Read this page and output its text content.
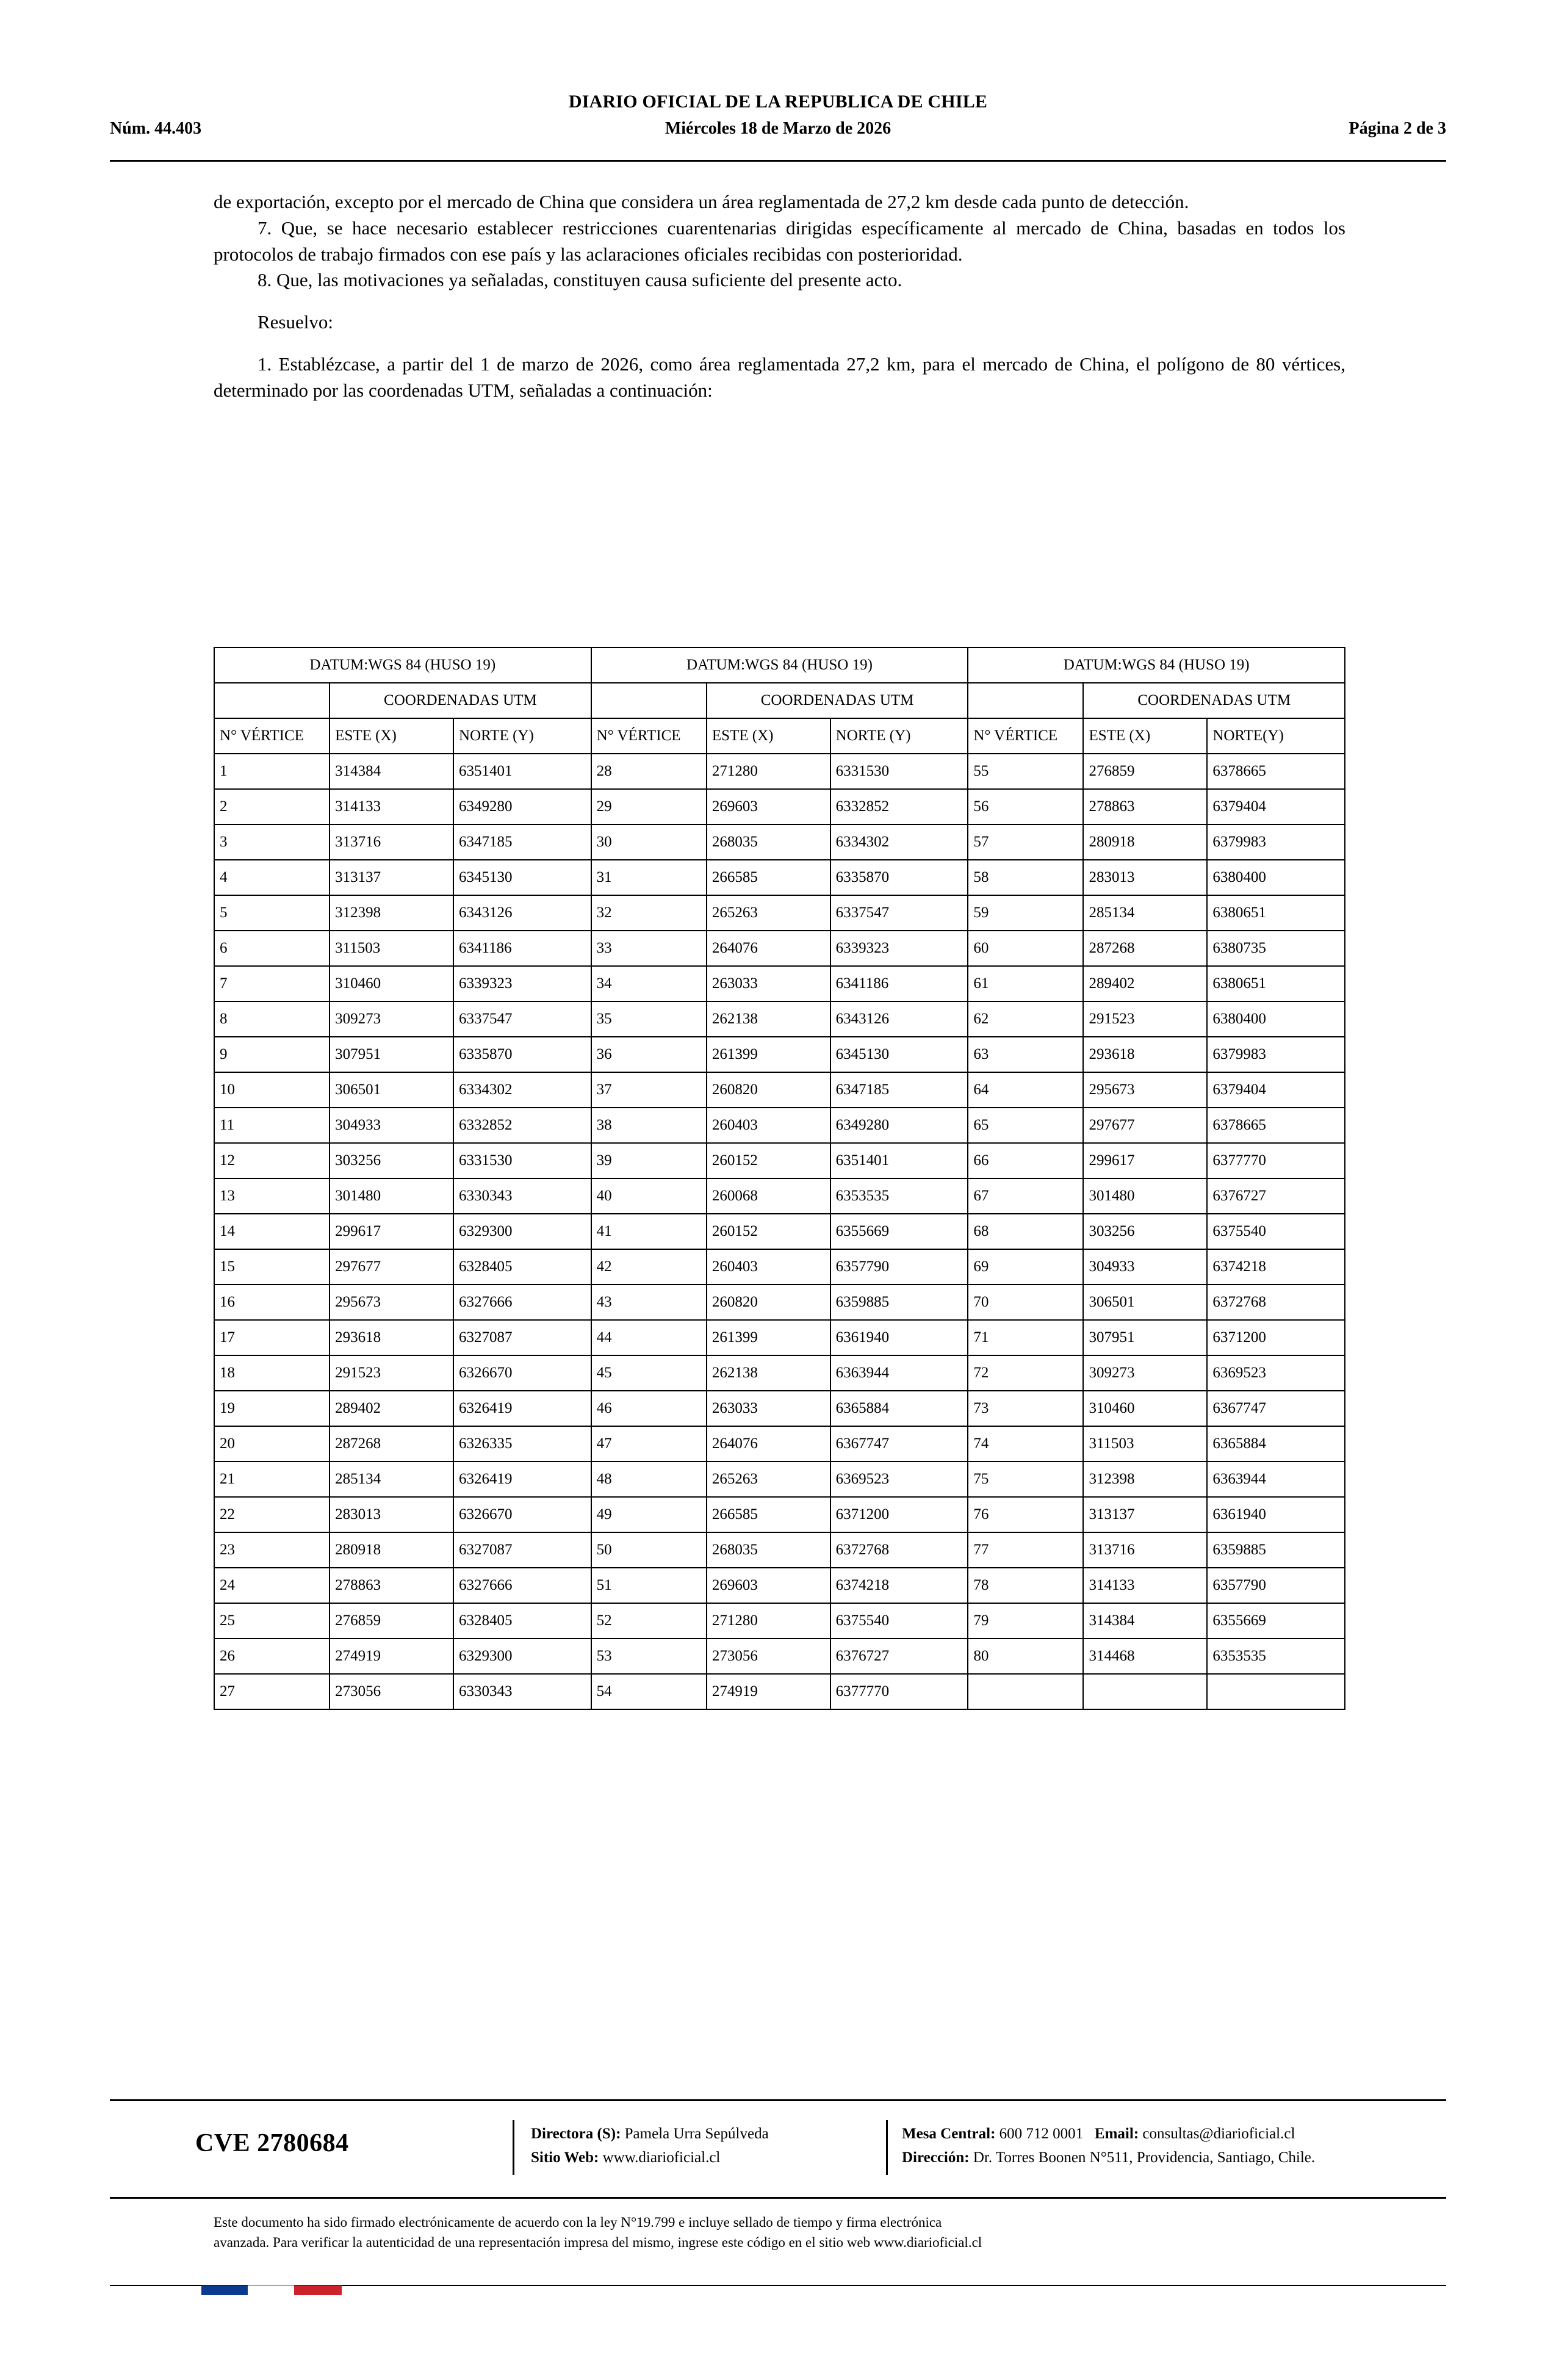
DIARIO OFICIAL DE LA REPUBLICA DE CHILE
Núm. 44.403	Miércoles 18 de Marzo de 2026	Página 2 de 3

de exportación, excepto por el mercado de China que considera un área reglamentada de 27,2 km desde cada punto de detección.

7. Que, se hace necesario establecer restricciones cuarentenarias dirigidas específicamente al mercado de China, basadas en todos los protocolos de trabajo firmados con ese país y las aclaraciones oficiales recibidas con posterioridad.

8. Que, las motivaciones ya señaladas, constituyen causa suficiente del presente acto.

Resuelvo:

1. Establézcase, a partir del 1 de marzo de 2026, como área reglamentada 27,2 km, para el mercado de China, el polígono de 80 vértices, determinado por las coordenadas UTM, señaladas a continuación:

DATUM:WGS 84 (HUSO 19)			DATUM:WGS 84 (HUSO 19)			DATUM:WGS 84 (HUSO 19)		
	COORDENADAS UTM			COORDENADAS UTM			COORDENADAS UTM	
N° VÉRTICE	ESTE (X)	NORTE (Y)	N° VÉRTICE	ESTE (X)	NORTE (Y)	N° VÉRTICE	ESTE (X)	NORTE(Y)
1	314384	6351401	28	271280	6331530	55	276859	6378665
2	314133	6349280	29	269603	6332852	56	278863	6379404
3	313716	6347185	30	268035	6334302	57	280918	6379983
4	313137	6345130	31	266585	6335870	58	283013	6380400
5	312398	6343126	32	265263	6337547	59	285134	6380651
6	311503	6341186	33	264076	6339323	60	287268	6380735
7	310460	6339323	34	263033	6341186	61	289402	6380651
8	309273	6337547	35	262138	6343126	62	291523	6380400
9	307951	6335870	36	261399	6345130	63	293618	6379983
10	306501	6334302	37	260820	6347185	64	295673	6379404
11	304933	6332852	38	260403	6349280	65	297677	6378665
12	303256	6331530	39	260152	6351401	66	299617	6377770
13	301480	6330343	40	260068	6353535	67	301480	6376727
14	299617	6329300	41	260152	6355669	68	303256	6375540
15	297677	6328405	42	260403	6357790	69	304933	6374218
16	295673	6327666	43	260820	6359885	70	306501	6372768
17	293618	6327087	44	261399	6361940	71	307951	6371200
18	291523	6326670	45	262138	6363944	72	309273	6369523
19	289402	6326419	46	263033	6365884	73	310460	6367747
20	287268	6326335	47	264076	6367747	74	311503	6365884
21	285134	6326419	48	265263	6369523	75	312398	6363944
22	283013	6326670	49	266585	6371200	76	313137	6361940
23	280918	6327087	50	268035	6372768	77	313716	6359885
24	278863	6327666	51	269603	6374218	78	314133	6357790
25	276859	6328405	52	271280	6375540	79	314384	6355669
26	274919	6329300	53	273056	6376727	80	314468	6353535
27	273056	6330343	54	274919	6377770			
CVE 2780684	Directora (S): Pamela Urra Sepúlveda
Sitio Web: www.diarioficial.cl
Mesa Central: 600 712 0001 Email: consultas@diarioficial.cl
Dirección: Dr. Torres Boonen N°511, Providencia, Santiago, Chile.
Este documento ha sido firmado electrónicamente de acuerdo con la ley N°19.799 e incluye sellado de tiempo y firma electrónica
avanzada. Para verificar la autenticidad de una representación impresa del mismo, ingrese este código en el sitio web www.diarioficial.cl
